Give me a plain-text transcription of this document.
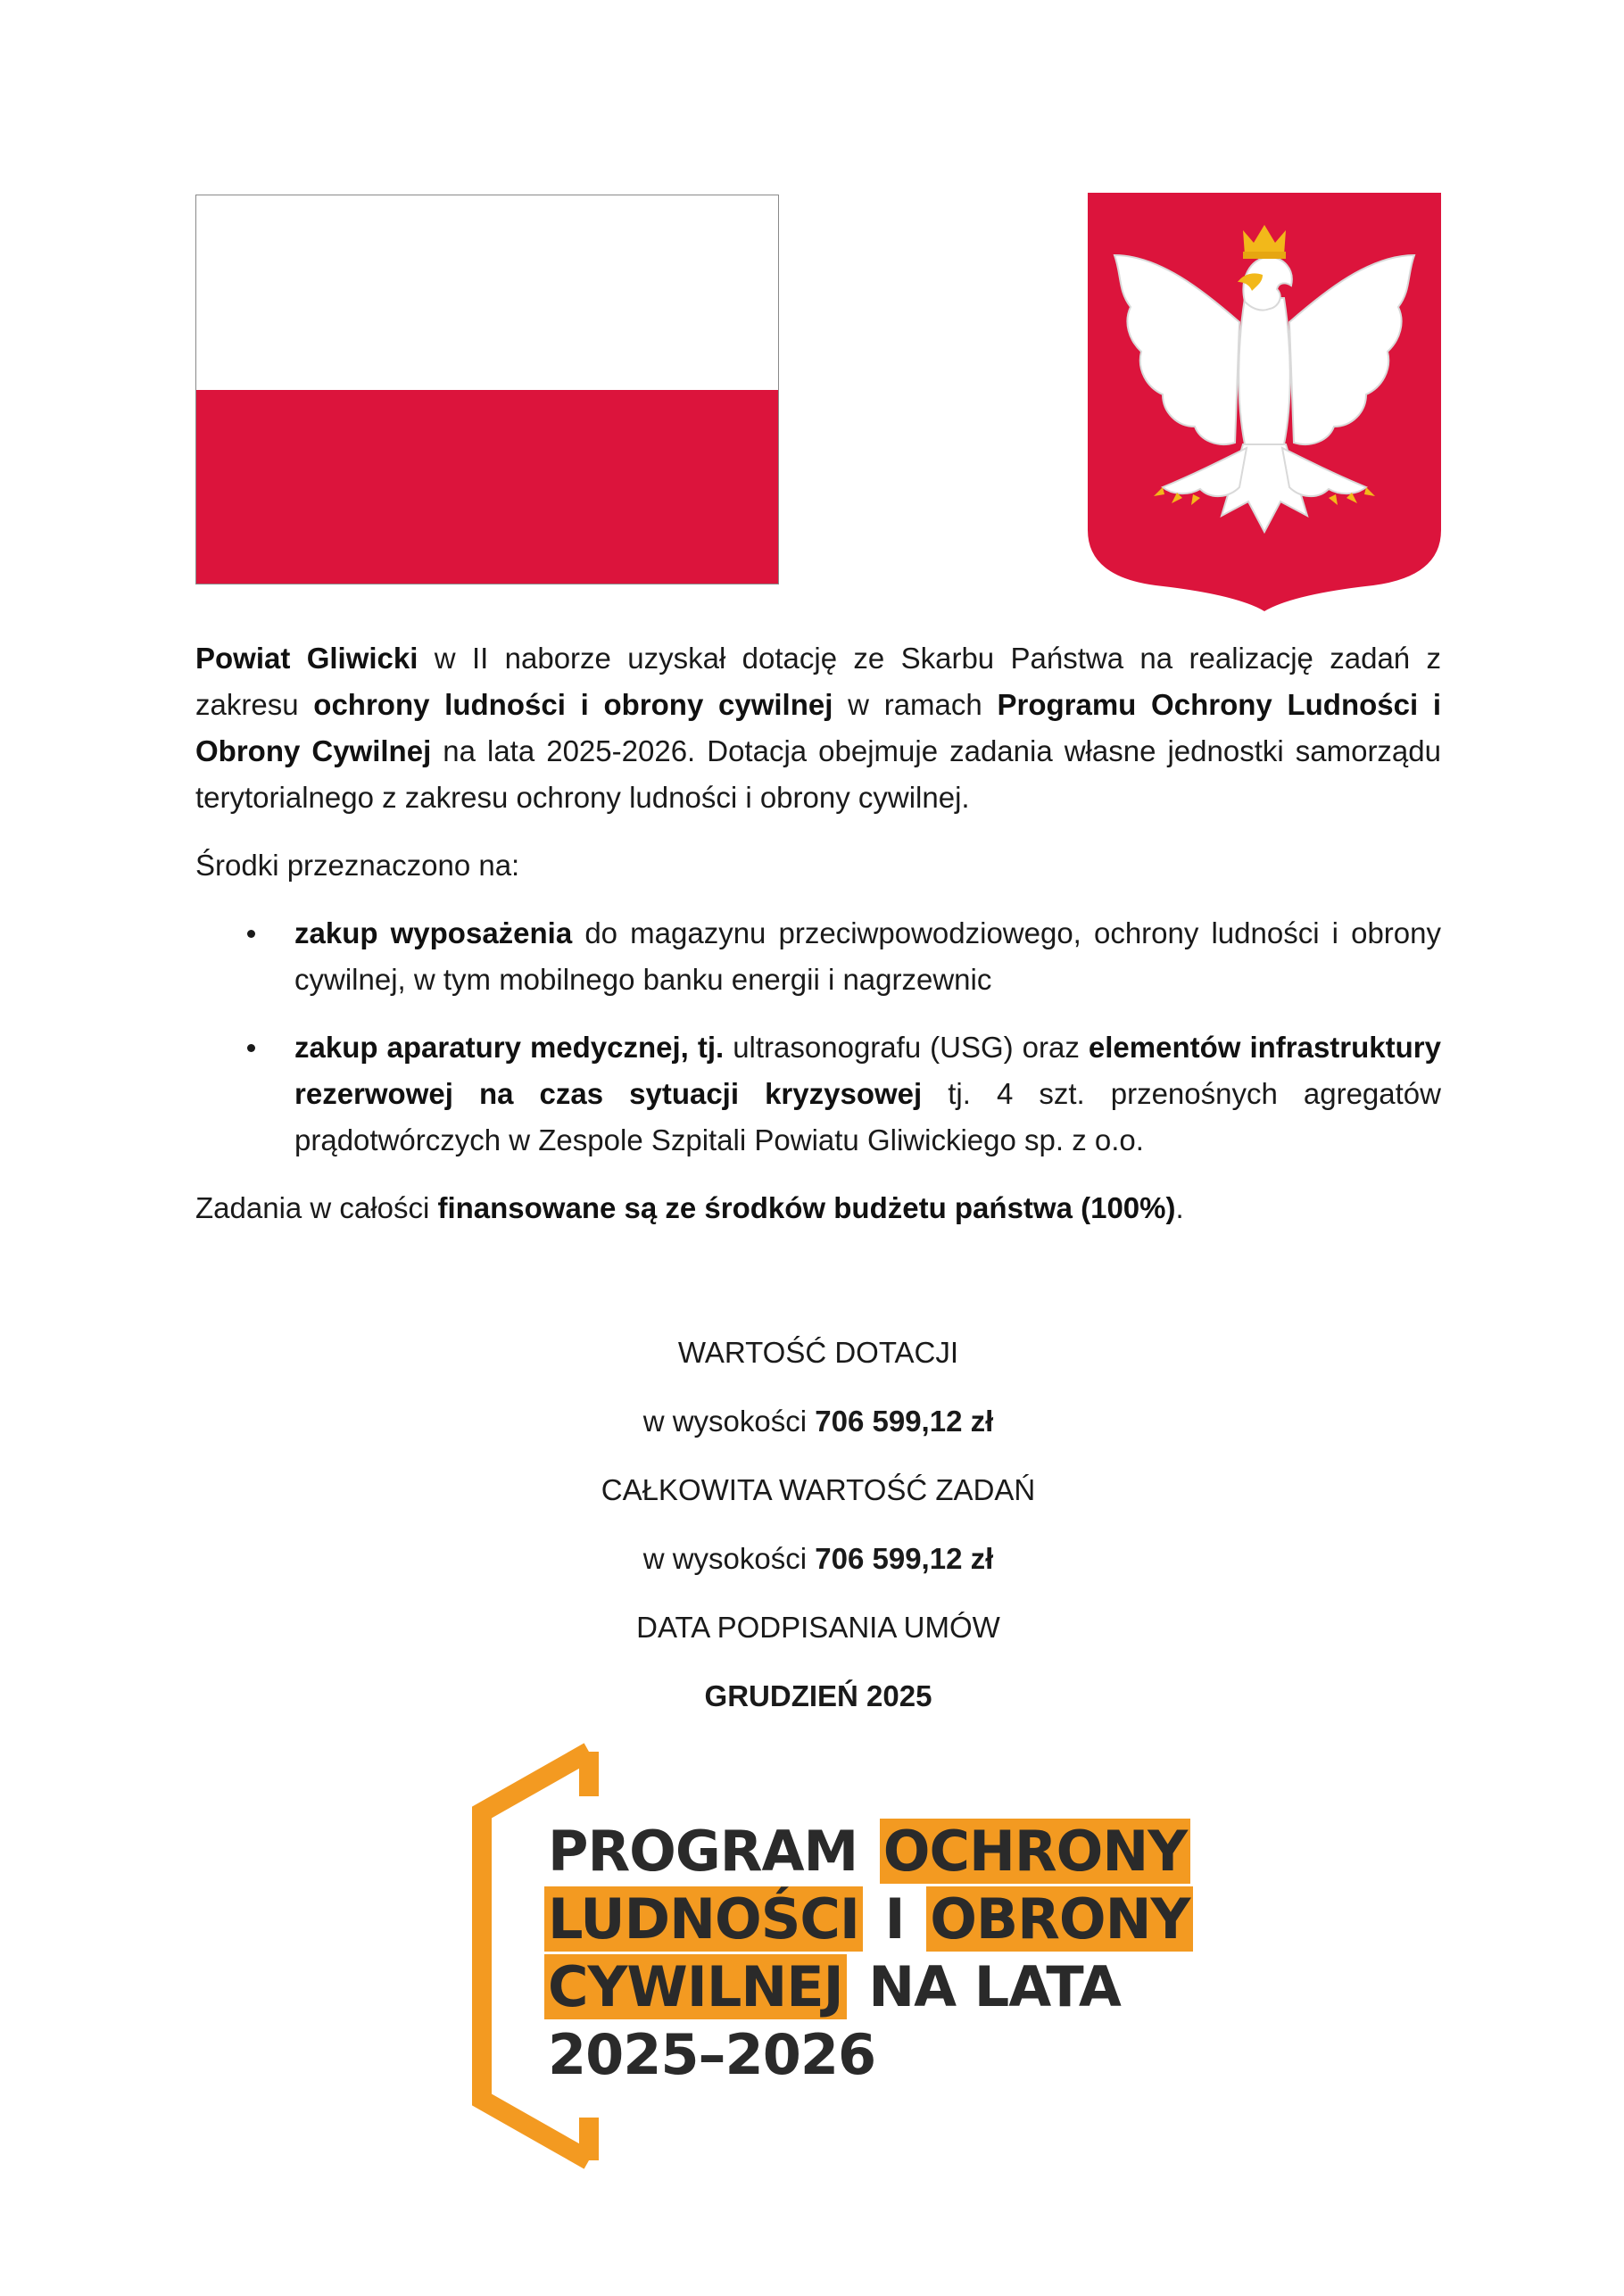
Powiat Gliwicki w II naborze uzyskał dotację ze Skarbu Państwa na realizację zadań z zakresu ochrony ludności i obrony cywilnej w ramach Programu Ochrony Ludności i Obrony Cywilnej na lata 2025-2026. Dotacja obejmuje zadania własne jednostki samorządu terytorialnego z zakresu ochrony ludności i obrony cywilnej.

Środki przeznaczono na:

zakup wyposażenia do magazynu przeciwpowodziowego, ochrony ludności i obrony cywilnej, w tym mobilnego banku energii i nagrzewnic
zakup aparatury medycznej, tj. ultrasonografu (USG) oraz elementów infrastruktury rezerwowej na czas sytuacji kryzysowej tj. 4 szt. przenośnych agregatów prądotwórczych w Zespole Szpitali Powiatu Gliwickiego sp. z o.o.

Zadania w całości finansowane są ze środków budżetu państwa (100%).

WARTOŚĆ DOTACJI
w wysokości 706 599,12 zł
CAŁKOWITA WARTOŚĆ ZADAŃ
w wysokości 706 599,12 zł
DATA PODPISANIA UMÓW
GRUDZIEŃ 2025
PROGRAM OCHRONY
LUDNOŚCI I OBRONY
CYWILNEJ NA LATA
2025–2026
